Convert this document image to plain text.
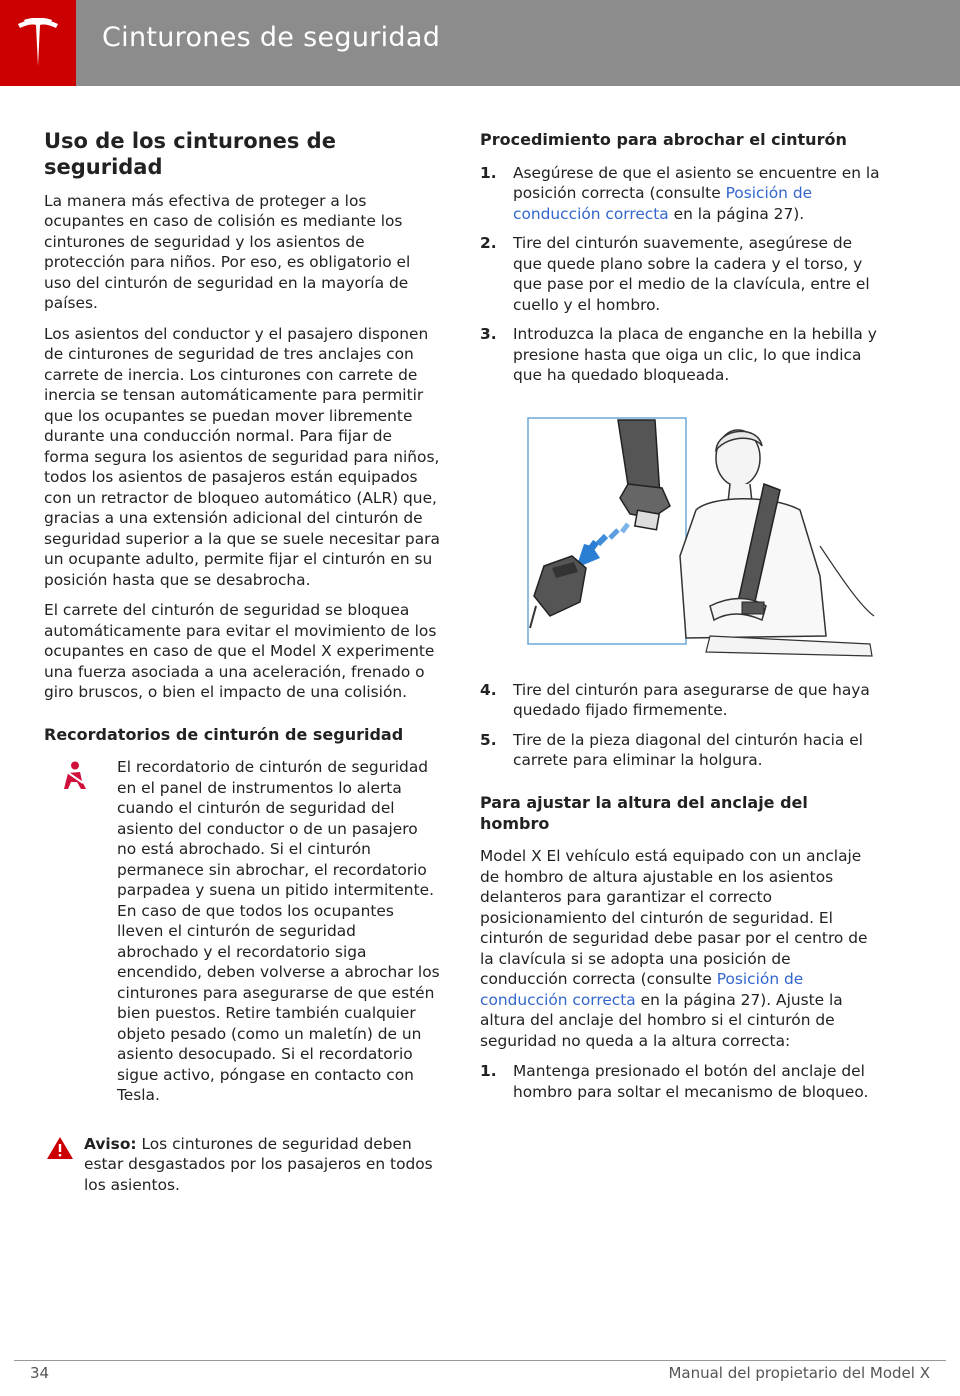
Cinturones de seguridad
Uso de los cinturones de seguridad

La manera más efectiva de proteger a los ocupantes en caso de colisión es mediante los cinturones de seguridad y los asientos de protección para niños. Por eso, es obligatorio el uso del cinturón de seguridad en la mayoría de países.

Los asientos del conductor y el pasajero disponen de cinturones de seguridad de tres anclajes con carrete de inercia. Los cinturones con carrete de inercia se tensan automáticamente para permitir que los ocupantes se puedan mover libremente durante una conducción normal. Para fijar de forma segura los asientos de seguridad para niños, todos los asientos de pasajeros están equipados con un retractor de bloqueo automático (ALR) que, gracias a una extensión adicional del cinturón de seguridad superior a la que se suele necesitar para un ocupante adulto, permite fijar el cinturón en su posición hasta que se desabrocha.

El carrete del cinturón de seguridad se bloquea automáticamente para evitar el movimiento de los ocupantes en caso de que el Model X experimente una fuerza asociada a una aceleración, frenado o giro bruscos, o bien el impacto de una colisión.

Recordatorios de cinturón de seguridad

El recordatorio de cinturón de seguridad en el panel de instrumentos lo alerta cuando el cinturón de seguridad del asiento del conductor o de un pasajero no está abrochado. Si el cinturón permanece sin abrochar, el recordatorio parpadea y suena un pitido intermitente. En caso de que todos los ocupantes lleven el cinturón de seguridad abrochado y el recordatorio siga encendido, deben volverse a abrochar los cinturones para asegurarse de que estén bien puestos. Retire también cualquier objeto pesado (como un maletín) de un asiento desocupado. Si el recordatorio sigue activo, póngase en contacto con Tesla.

Aviso: Los cinturones de seguridad deben estar desgastados por los pasajeros en todos los asientos.

Procedimiento para abrochar el cinturón
1. Asegúrese de que el asiento se encuentre en la posición correcta (consulte Posición de conducción correcta en la página 27).
2. Tire del cinturón suavemente, asegúrese de que quede plano sobre la cadera y el torso, y que pase por el medio de la clavícula, entre el cuello y el hombro.
3. Introduzca la placa de enganche en la hebilla y presione hasta que oiga un clic, lo que indica que ha quedado bloqueada.
4. Tire del cinturón para asegurarse de que haya quedado fijado firmemente.
5. Tire de la pieza diagonal del cinturón hacia el carrete para eliminar la holgura.
Para ajustar la altura del anclaje del hombro

Model X El vehículo está equipado con un anclaje de hombro de altura ajustable en los asientos delanteros para garantizar el correcto posicionamiento del cinturón de seguridad. El cinturón de seguridad debe pasar por el centro de la clavícula si se adopta una posición de conducción correcta (consulte Posición de conducción correcta en la página 27). Ajuste la altura del anclaje del hombro si el cinturón de seguridad no queda a la altura correcta:

1. Mantenga presionado el botón del anclaje del hombro para soltar el mecanismo de bloqueo.
34	Manual del propietario del Model X
